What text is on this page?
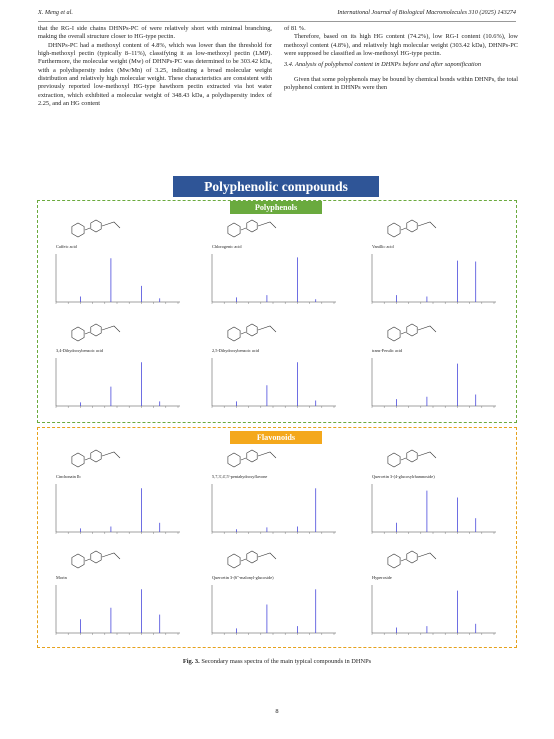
X. Meng et al.	International Journal of Biological Macromolecules 310 (2025) 143274

that the RG-I side chains DHNPs-PC of were relatively short with minimal branching, making the overall structure closer to HG-type pectin.

DHNPs-PC had a methoxyl content of 4.8%, which was lower than the threshold for high-methoxyl pectin (typically 8–11%), classifying it as low-methoxyl pectin (LMP). Furthermore, the molecular weight (Mw) of DHNPs-PC was determined to be 303.42 kDa, with a polydispersity index (Mw/Mn) of 3.25, indicating a broad molecular weight distribution and relatively high molecular weight. These characteristics are consistent with previously reported low-methoxyl HG-type hawthorn pectin extracted via hot water extraction, which exhibited a molecular weight of 348.43 kDa, a polydispersity index of 2.25, and an HG content

of 81 %.

Therefore, based on its high HG content (74.2%), low RG-I content (10.6%), low methoxyl content (4.8%), and relatively high molecular weight (303.42 kDa), DHNPs-PC were supposed be classified as low-methoxyl HG-type pectin.

3.4. Analysis of polyphenol content in DHNPs before and after saponification

Given that some polyphenols may be bound by chemical bonds within DHNPs, the total polyphenol content in DHNPs were then

Polyphenolic compounds
Polyphenols
Flavonoids
Caffeic acid	Chlorogenic acid	Vanillic acid
3,4-Dihydroxybenzoic acid	2,5-Dihydroxybenzoic acid	trans-Ferulic acid
Cinchonain Ib	5,7,3',4',5'-pentahydroxyflavone	Quercetin 3-(4-glucosylrhamnoside)
Morin	Quercetin 3-(6''-malonyl-glucoside)	Hyperoside
Fig. 3. Secondary mass spectra of the main typical compounds in DHNPs
8
